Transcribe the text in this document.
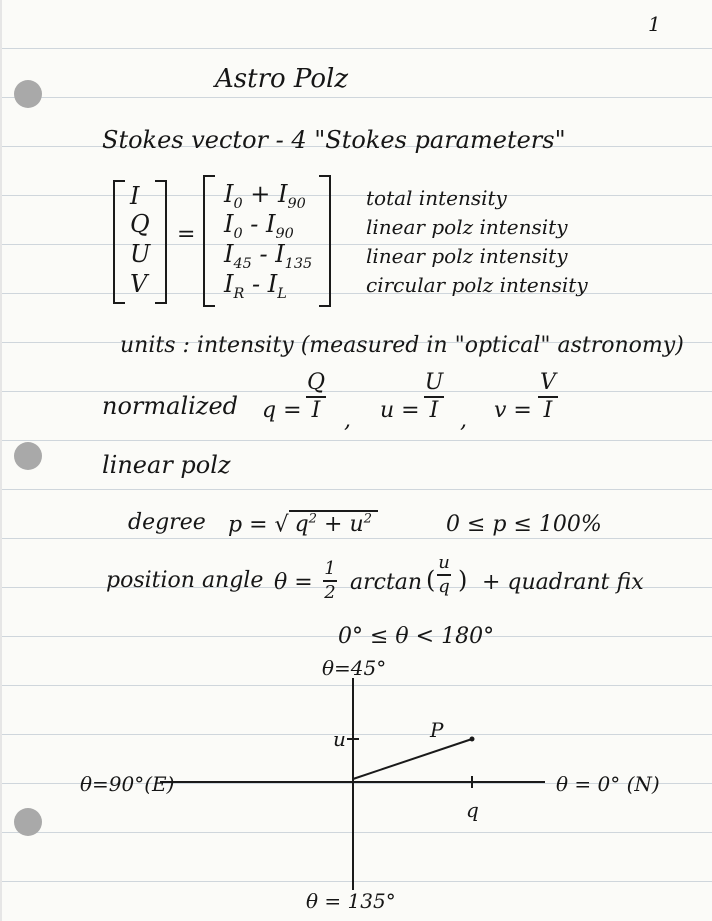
1
Astro Polz
Stokes vector - 4 "Stokes parameters"
I
Q
U
V
=
$I_0 + I_{90}$
$I_0 - I_{90}$
$I_{45} - I_{135}$
$I_R - I_L$
total intensity
linear polz intensity
linear polz intensity
circular polz intensity
units : intensity (measured in "optical" astronomy)
normalized q =
Q
I , u =
U
I , v =
V
I
linear polz
degree p = √ $q^2 + u^2$	0 ≤ p ≤ 100%
position angle θ =
1
2 arctan (
u
q ) + quadrant fix
0° ≤ θ < 180°
θ=45°
θ = 135°
θ=90°(E)	θ = 0° (N)
u
q
P
